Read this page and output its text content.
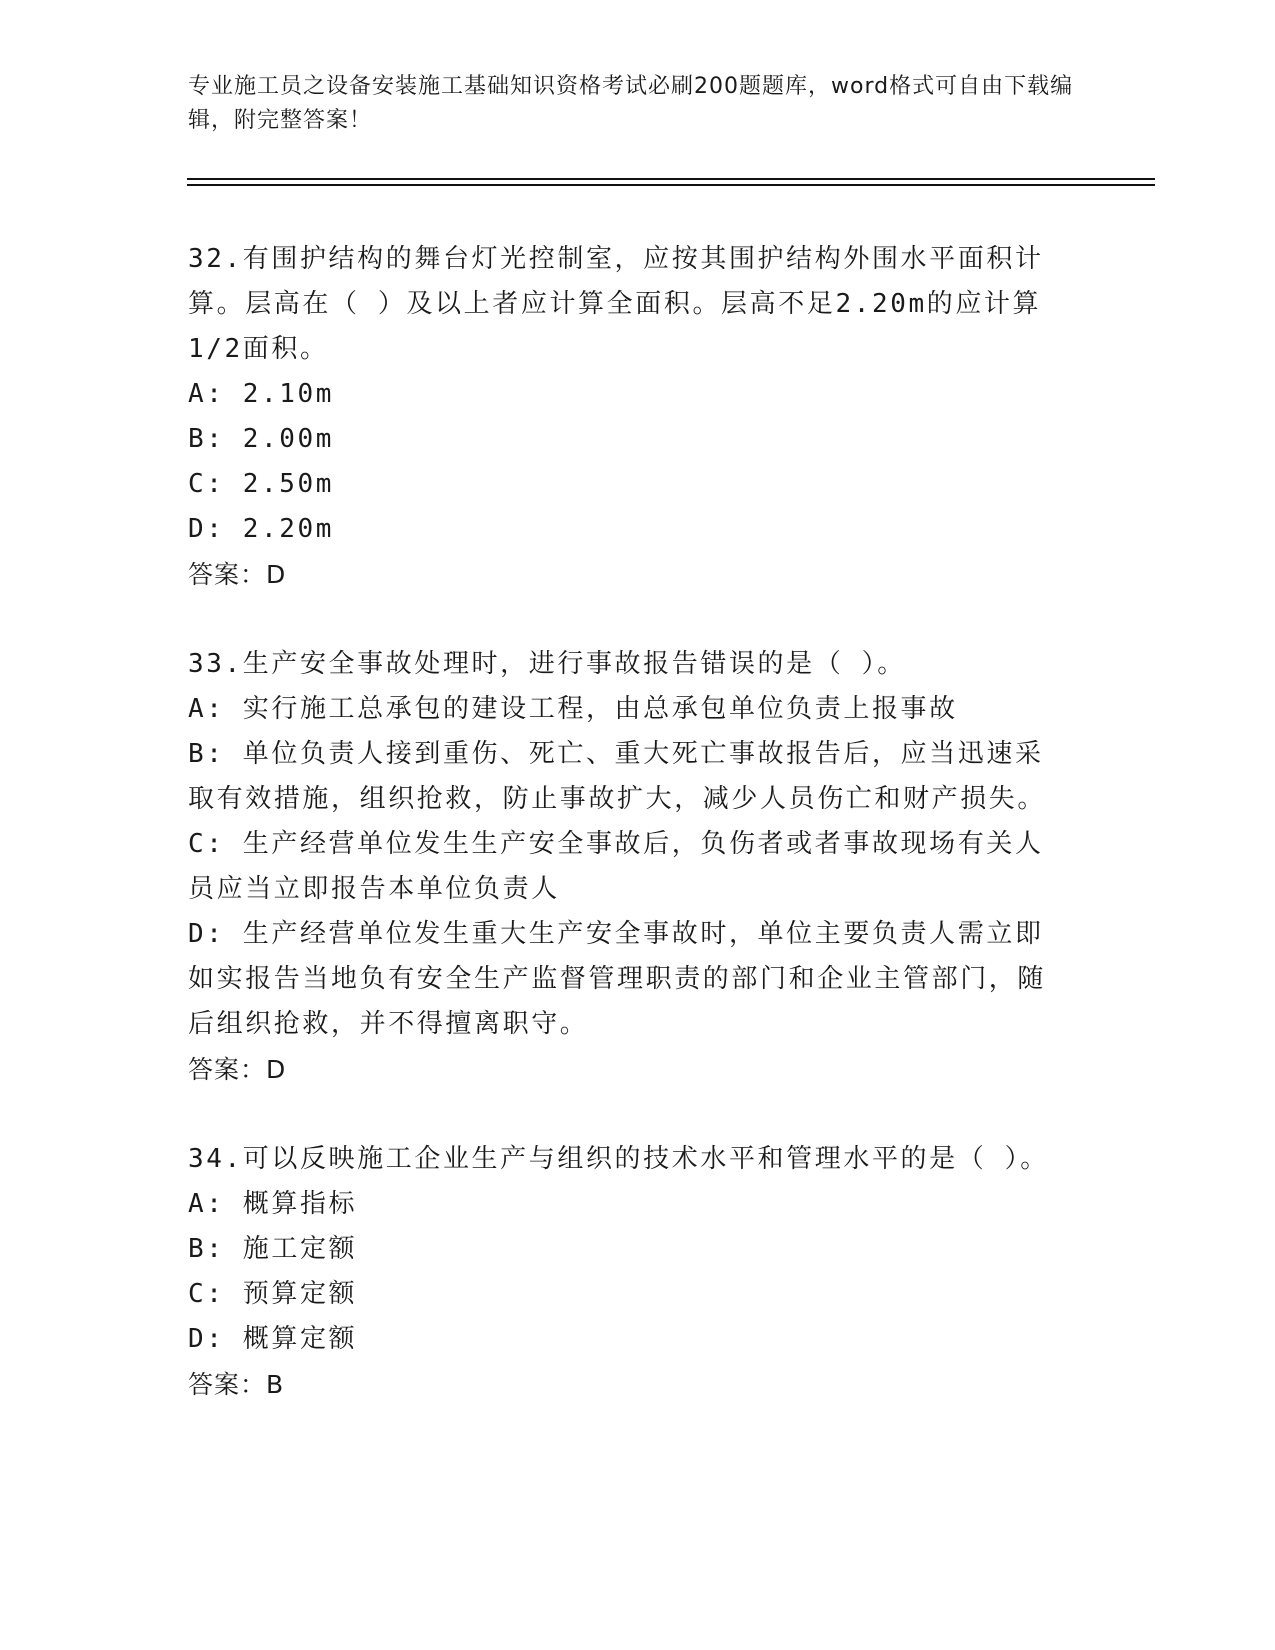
专业施工员之设备安装施工基础知识资格考试必刷200题题库，word格式可自由下载编辑，附完整答案！

32.有围护结构的舞台灯光控制室，应按其围护结构外围水平面积计算。层高在（ ）及以上者应计算全面积。层高不足2.20m的应计算1/2面积。

A: 2.10m

B: 2.00m

C: 2.50m

D: 2.20m

答案：D

33.生产安全事故处理时，进行事故报告错误的是（ ）。

A: 实行施工总承包的建设工程，由总承包单位负责上报事故

B: 单位负责人接到重伤、死亡、重大死亡事故报告后，应当迅速采取有效措施，组织抢救，防止事故扩大，减少人员伤亡和财产损失。

C: 生产经营单位发生生产安全事故后，负伤者或者事故现场有关人员应当立即报告本单位负责人

D: 生产经营单位发生重大生产安全事故时，单位主要负责人需立即如实报告当地负有安全生产监督管理职责的部门和企业主管部门，随后组织抢救，并不得擅离职守。

答案：D

34.可以反映施工企业生产与组织的技术水平和管理水平的是（ ）。

A: 概算指标

B: 施工定额

C: 预算定额

D: 概算定额

答案：B
